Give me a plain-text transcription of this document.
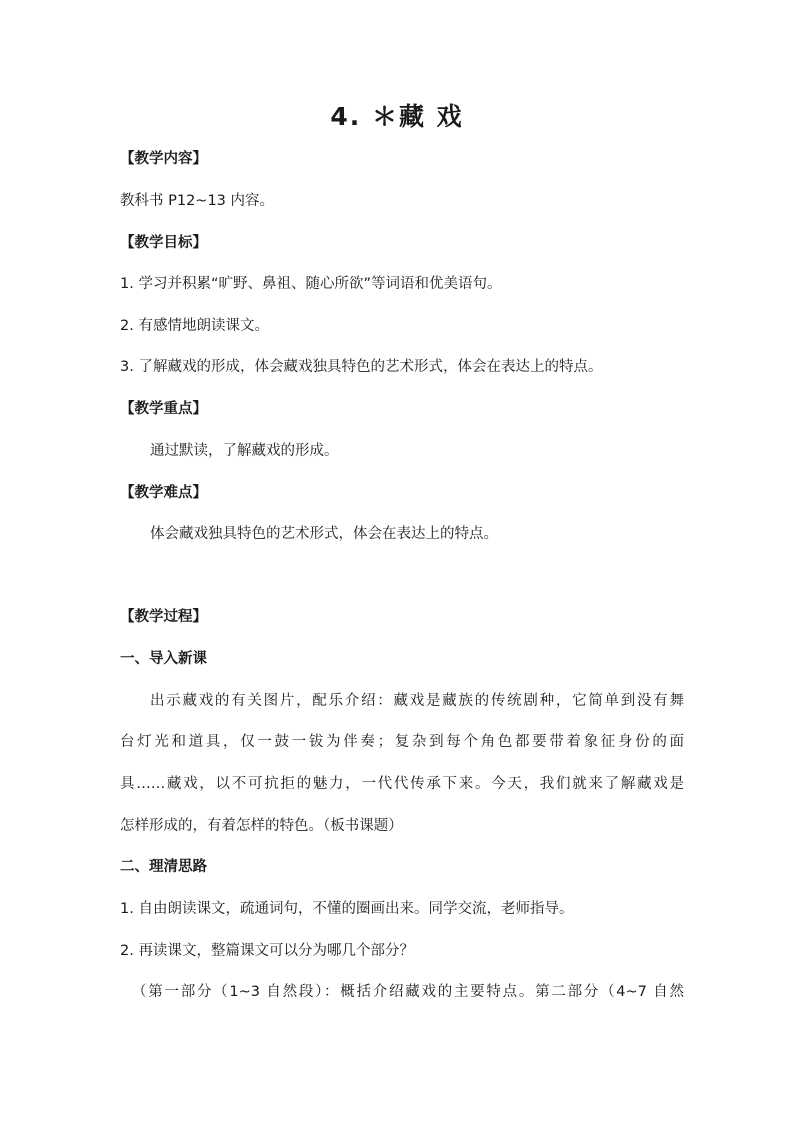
4. ＊藏 戏
【教学内容】
教科书 P12~13 内容。
【教学目标】
1. 学习并积累“旷野、鼻祖、随心所欲”等词语和优美语句。
2. 有感情地朗读课文。
3. 了解藏戏的形成，体会藏戏独具特色的艺术形式，体会在表达上的特点。
【教学重点】
通过默读，了解藏戏的形成。
【教学难点】
体会藏戏独具特色的艺术形式，体会在表达上的特点。
【教学过程】
一、导入新课
出示藏戏的有关图片，配乐介绍：藏戏是藏族的传统剧种，它简单到没有舞
台灯光和道具，仅一鼓一钹为伴奏；复杂到每个角色都要带着象征身份的面
具……藏戏，以不可抗拒的魅力，一代代传承下来。今天，我们就来了解藏戏是
怎样形成的，有着怎样的特色。（板书课题）
二、理清思路
1. 自由朗读课文，疏通词句，不懂的圈画出来。同学交流，老师指导。
2. 再读课文，整篇课文可以分为哪几个部分？
（第一部分（1~3 自然段）：概括介绍藏戏的主要特点。第二部分（4~7 自然
